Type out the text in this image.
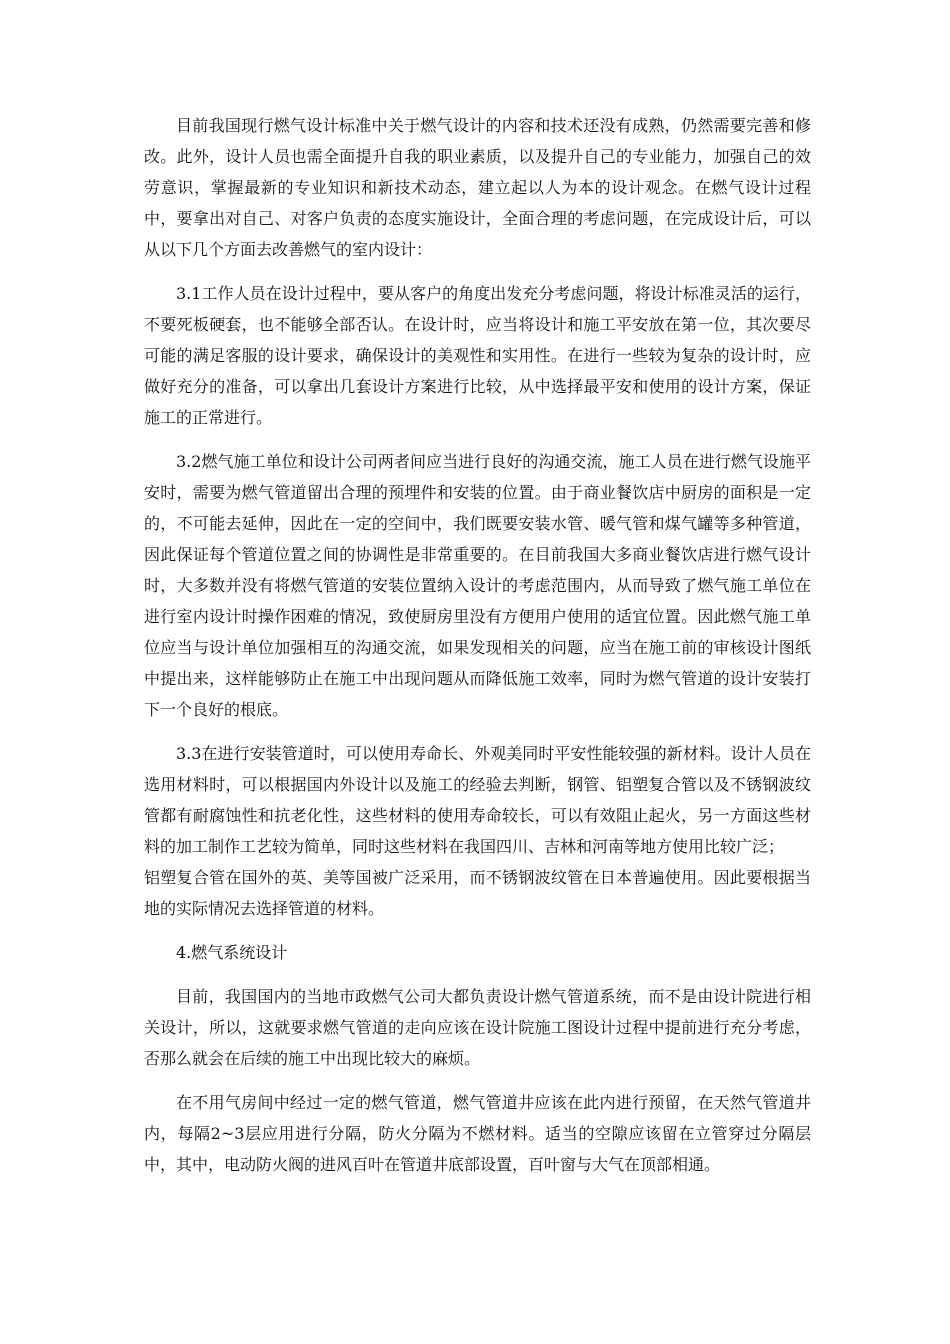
目前我国现行燃气设计标准中关于燃气设计的内容和技术还没有成熟，仍然需要完善和修改。此外，设计人员也需全面提升自我的职业素质，以及提升自己的专业能力，加强自己的效劳意识，掌握最新的专业知识和新技术动态，建立起以人为本的设计观念。在燃气设计过程中，要拿出对自己、对客户负责的态度实施设计，全面合理的考虑问题，在完成设计后，可以从以下几个方面去改善燃气的室内设计：

3.1工作人员在设计过程中，要从客户的角度出发充分考虑问题，将设计标准灵活的运行，不要死板硬套，也不能够全部否认。在设计时，应当将设计和施工平安放在第一位，其次要尽可能的满足客服的设计要求，确保设计的美观性和实用性。在进行一些较为复杂的设计时，应做好充分的准备，可以拿出几套设计方案进行比较，从中选择最平安和使用的设计方案，保证施工的正常进行。

3.2燃气施工单位和设计公司两者间应当进行良好的沟通交流，施工人员在进行燃气设施平安时，需要为燃气管道留出合理的预埋件和安装的位置。由于商业餐饮店中厨房的面积是一定的，不可能去延伸，因此在一定的空间中，我们既要安装水管、暖气管和煤气罐等多种管道，因此保证每个管道位置之间的协调性是非常重要的。在目前我国大多商业餐饮店进行燃气设计时，大多数并没有将燃气管道的安装位置纳入设计的考虑范围内，从而导致了燃气施工单位在进行室内设计时操作困难的情况，致使厨房里没有方便用户使用的适宜位置。因此燃气施工单位应当与设计单位加强相互的沟通交流，如果发现相关的问题，应当在施工前的审核设计图纸中提出来，这样能够防止在施工中出现问题从而降低施工效率，同时为燃气管道的设计安装打下一个良好的根底。

3.3在进行安装管道时，可以使用寿命长、外观美同时平安性能较强的新材料。设计人员在选用材料时，可以根据国内外设计以及施工的经验去判断，钢管、铝塑复合管以及不锈钢波纹管都有耐腐蚀性和抗老化性，这些材料的使用寿命较长，可以有效阻止起火，另一方面这些材料的加工制作工艺较为简单，同时这些材料在我国四川、吉林和河南等地方使用比较广泛；

铝塑复合管在国外的英、美等国被广泛采用，而不锈钢波纹管在日本普遍使用。因此要根据当地的实际情况去选择管道的材料。

4.燃气系统设计

目前，我国国内的当地市政燃气公司大都负责设计燃气管道系统，而不是由设计院进行相关设计，所以，这就要求燃气管道的走向应该在设计院施工图设计过程中提前进行充分考虑，否那么就会在后续的施工中出现比较大的麻烦。

在不用气房间中经过一定的燃气管道，燃气管道井应该在此内进行预留，在天然气管道井内，每隔2~3层应用进行分隔，防火分隔为不燃材料。适当的空隙应该留在立管穿过分隔层中，其中，电动防火阀的进风百叶在管道井底部设置，百叶窗与大气在顶部相通。
